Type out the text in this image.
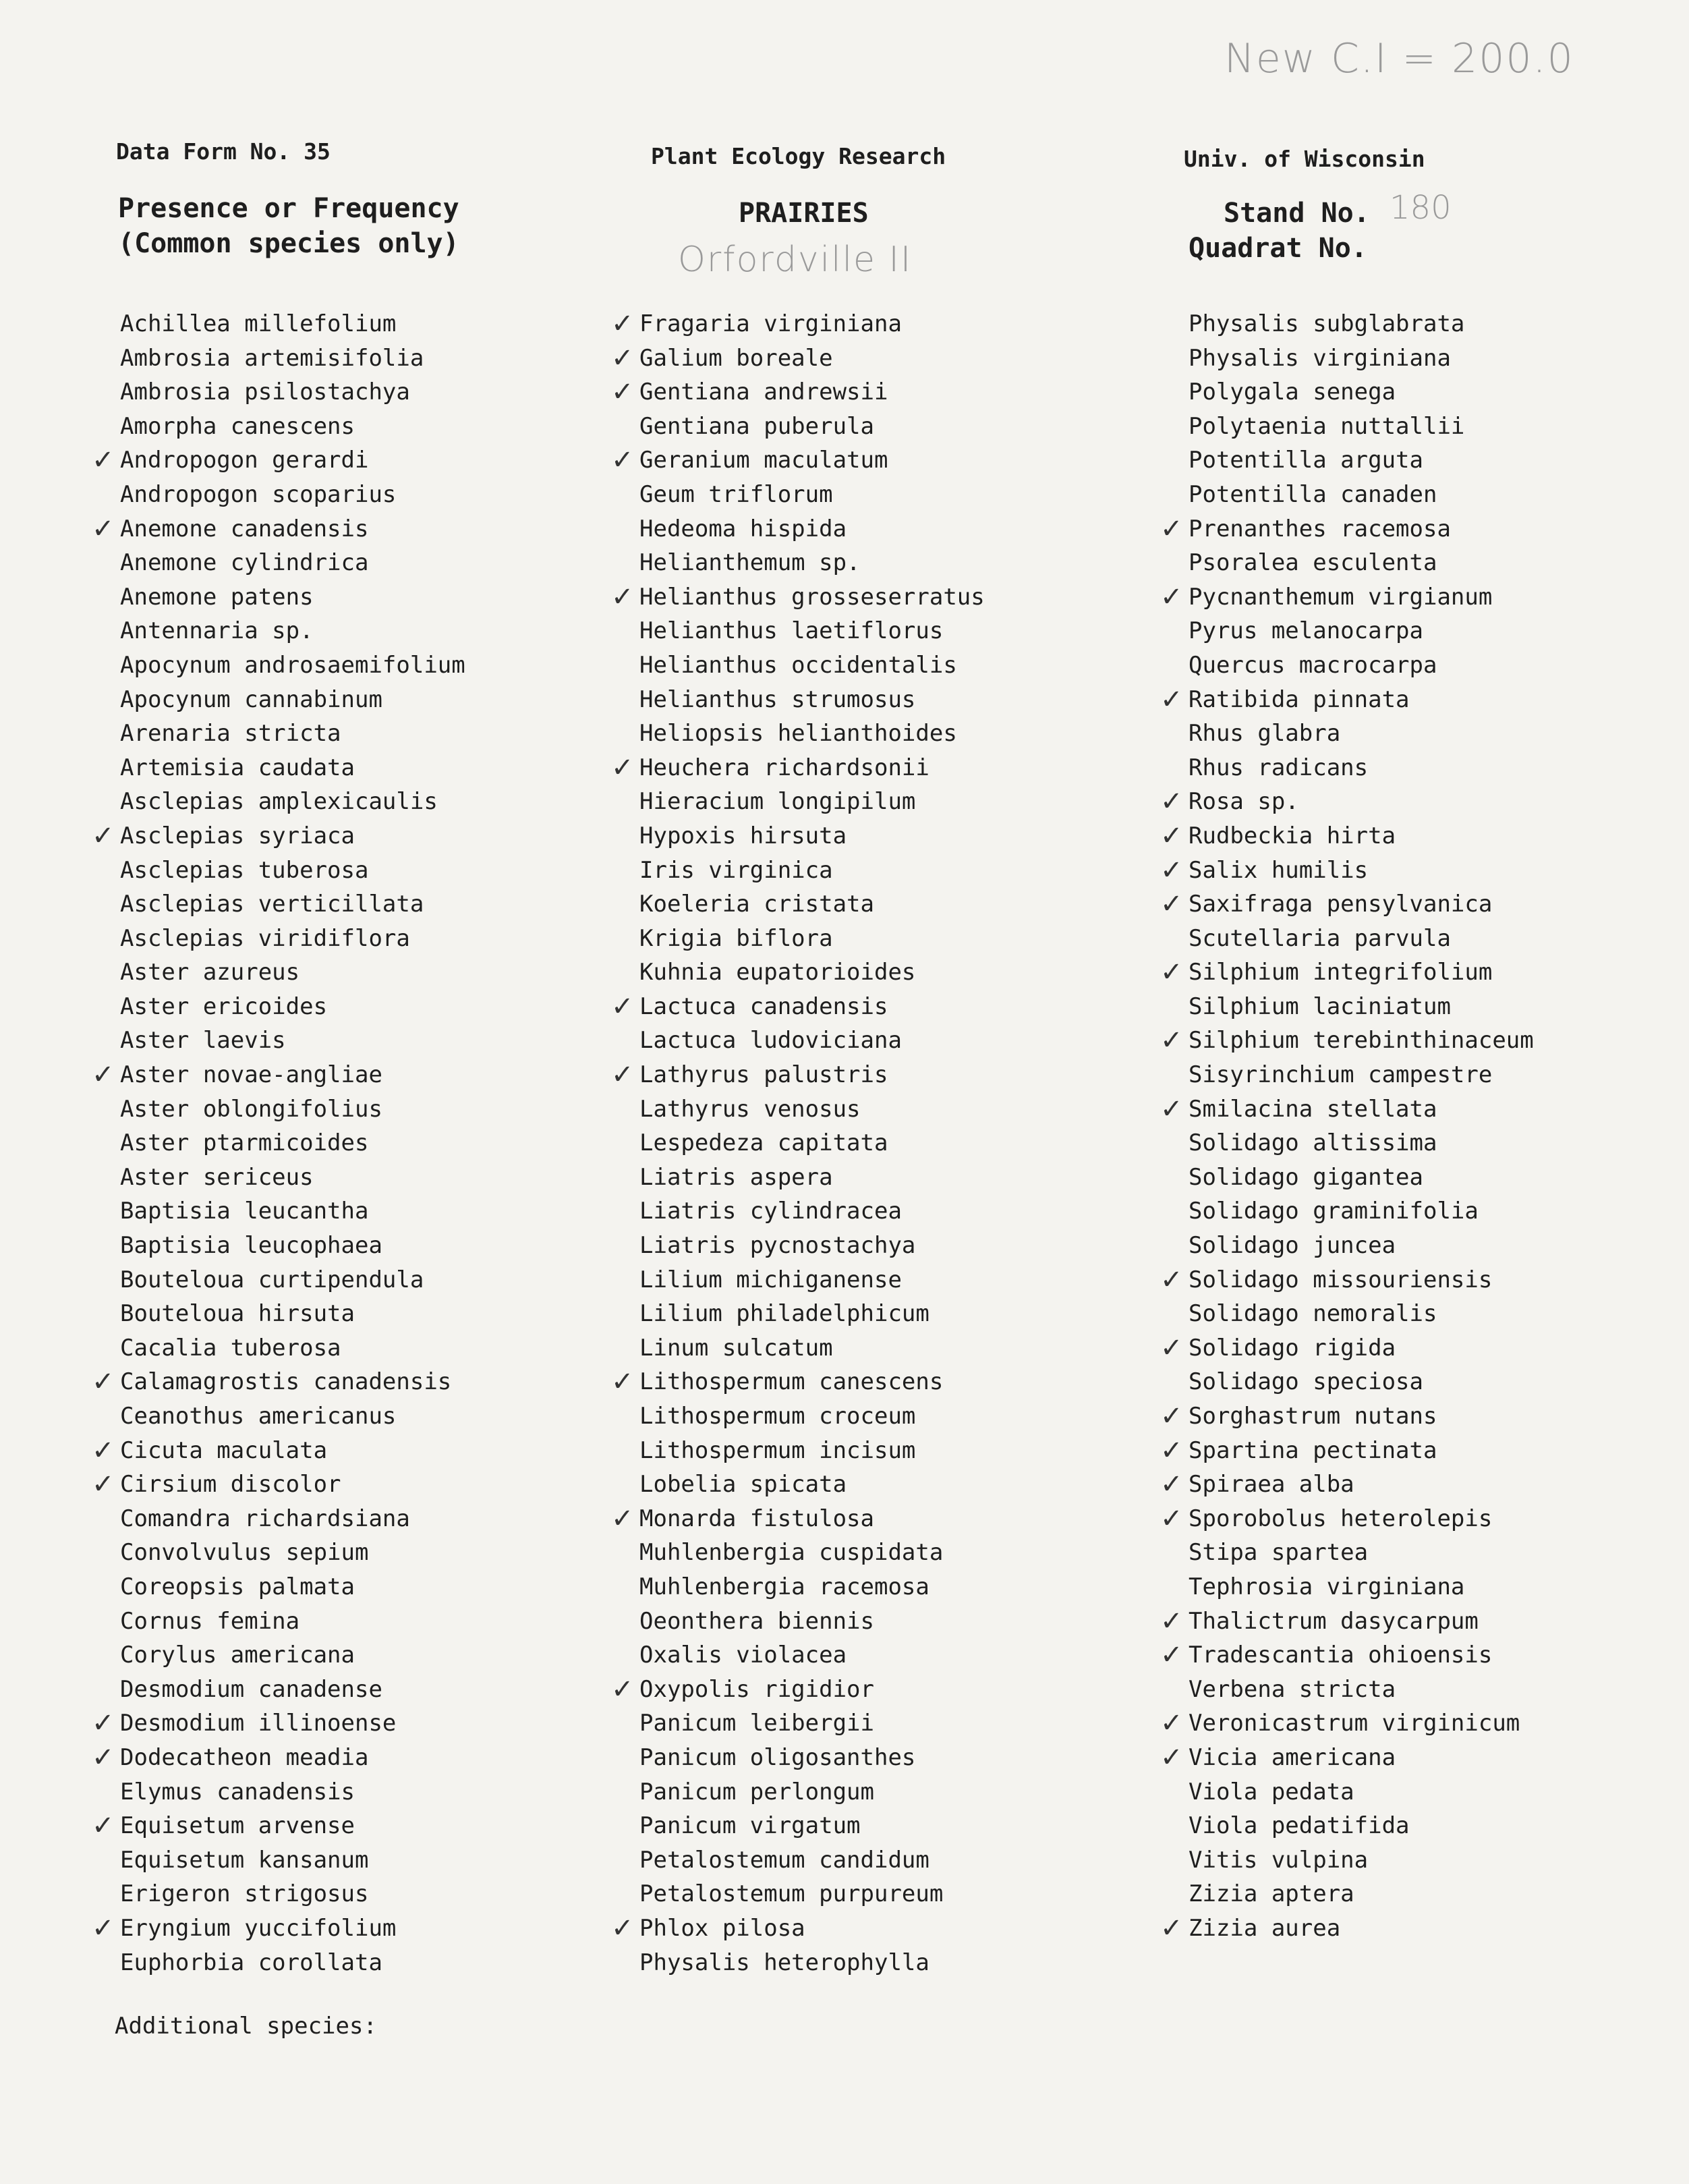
New C.I = 200.0
Data Form No. 35	Plant Ecology Research	Univ. of Wisconsin
Presence or Frequency
(Common species only)
PRAIRIES	Stand No.
Quadrat No.
180
Orfordville II
Achillea millefolium
Ambrosia artemisifolia
Ambrosia psilostachya
Amorpha canescens
✓ Andropogon gerardi
Andropogon scoparius
✓ Anemone canadensis
Anemone cylindrica
Anemone patens
Antennaria sp.
Apocynum androsaemifolium
Apocynum cannabinum
Arenaria stricta
Artemisia caudata
Asclepias amplexicaulis
✓ Asclepias syriaca
Asclepias tuberosa
Asclepias verticillata
Asclepias viridiflora
Aster azureus
Aster ericoides
Aster laevis
✓ Aster novae-angliae
Aster oblongifolius
Aster ptarmicoides
Aster sericeus
Baptisia leucantha
Baptisia leucophaea
Bouteloua curtipendula
Bouteloua hirsuta
Cacalia tuberosa
✓ Calamagrostis canadensis
Ceanothus americanus
✓ Cicuta maculata
✓ Cirsium discolor
Comandra richardsiana
Convolvulus sepium
Coreopsis palmata
Cornus femina
Corylus americana
Desmodium canadense
✓ Desmodium illinoense
✓ Dodecatheon meadia
Elymus canadensis
✓ Equisetum arvense
Equisetum kansanum
Erigeron strigosus
✓ Eryngium yuccifolium
Euphorbia corollata
✓ Fragaria virginiana
✓ Galium boreale
✓ Gentiana andrewsii
Gentiana puberula
✓ Geranium maculatum
Geum triflorum
Hedeoma hispida
Helianthemum sp.
✓ Helianthus grosseserratus
Helianthus laetiflorus
Helianthus occidentalis
Helianthus strumosus
Heliopsis helianthoides
✓ Heuchera richardsonii
Hieracium longipilum
Hypoxis hirsuta
Iris virginica
Koeleria cristata
Krigia biflora
Kuhnia eupatorioides
✓ Lactuca canadensis
Lactuca ludoviciana
✓ Lathyrus palustris
Lathyrus venosus
Lespedeza capitata
Liatris aspera
Liatris cylindracea
Liatris pycnostachya
Lilium michiganense
Lilium philadelphicum
Linum sulcatum
✓ Lithospermum canescens
Lithospermum croceum
Lithospermum incisum
Lobelia spicata
✓ Monarda fistulosa
Muhlenbergia cuspidata
Muhlenbergia racemosa
Oeonthera biennis
Oxalis violacea
✓ Oxypolis rigidior
Panicum leibergii
Panicum oligosanthes
Panicum perlongum
Panicum virgatum
Petalostemum candidum
Petalostemum purpureum
✓ Phlox pilosa
Physalis heterophylla
Physalis subglabrata
Physalis virginiana
Polygala senega
Polytaenia nuttallii
Potentilla arguta
Potentilla canaden
✓ Prenanthes racemosa
Psoralea esculenta
✓ Pycnanthemum virgianum
Pyrus melanocarpa
Quercus macrocarpa
✓ Ratibida pinnata
Rhus glabra
Rhus radicans
✓ Rosa sp.
✓ Rudbeckia hirta
✓ Salix humilis
✓ Saxifraga pensylvanica
Scutellaria parvula
✓ Silphium integrifolium
Silphium laciniatum
✓ Silphium terebinthinaceum
Sisyrinchium campestre
✓ Smilacina stellata
Solidago altissima
Solidago gigantea
Solidago graminifolia
Solidago juncea
✓ Solidago missouriensis
Solidago nemoralis
✓ Solidago rigida
Solidago speciosa
✓ Sorghastrum nutans
✓ Spartina pectinata
✓ Spiraea alba
✓ Sporobolus heterolepis
Stipa spartea
Tephrosia virginiana
✓ Thalictrum dasycarpum
✓ Tradescantia ohioensis
Verbena stricta
✓ Veronicastrum virginicum
✓ Vicia americana
Viola pedata
Viola pedatifida
Vitis vulpina
Zizia aptera
✓ Zizia aurea
Additional species:
